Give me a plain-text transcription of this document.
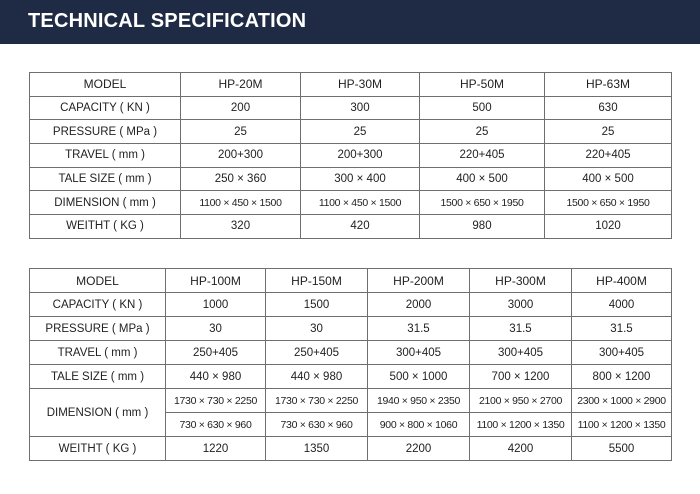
TECHNICAL SPECIFICATION
MODEL	HP-20M	HP-30M	HP-50M	HP-63M
CAPACITY ( KN )	200	300	500	630
PRESSURE ( MPa )	25	25	25	25
TRAVEL ( mm )	200+300	200+300	220+405	220+405
TALE SIZE ( mm )	250 × 360	300 × 400	400 × 500	400 × 500
DIMENSION ( mm )	1100 × 450 × 1500	1100 × 450 × 1500	1500 × 650 × 1950	1500 × 650 × 1950
WEITHT ( KG )	320	420	980	1020
MODEL	HP-100M	HP-150M	HP-200M	HP-300M	HP-400M
CAPACITY ( KN )	1000	1500	2000	3000	4000
PRESSURE ( MPa )	30	30	31.5	31.5	31.5
TRAVEL ( mm )	250+405	250+405	300+405	300+405	300+405
TALE SIZE ( mm )	440 × 980	440 × 980	500 × 1000	700 × 1200	800 × 1200
DIMENSION ( mm )	1730 × 730 × 2250	1730 × 730 × 2250	1940 × 950 × 2350	2100 × 950 × 2700	2300 × 1000 × 2900
	730 × 630 × 960	730 × 630 × 960	900 × 800 × 1060	1100 × 1200 × 1350	1100 × 1200 × 1350
WEITHT ( KG )	1220	1350	2200	4200	5500
